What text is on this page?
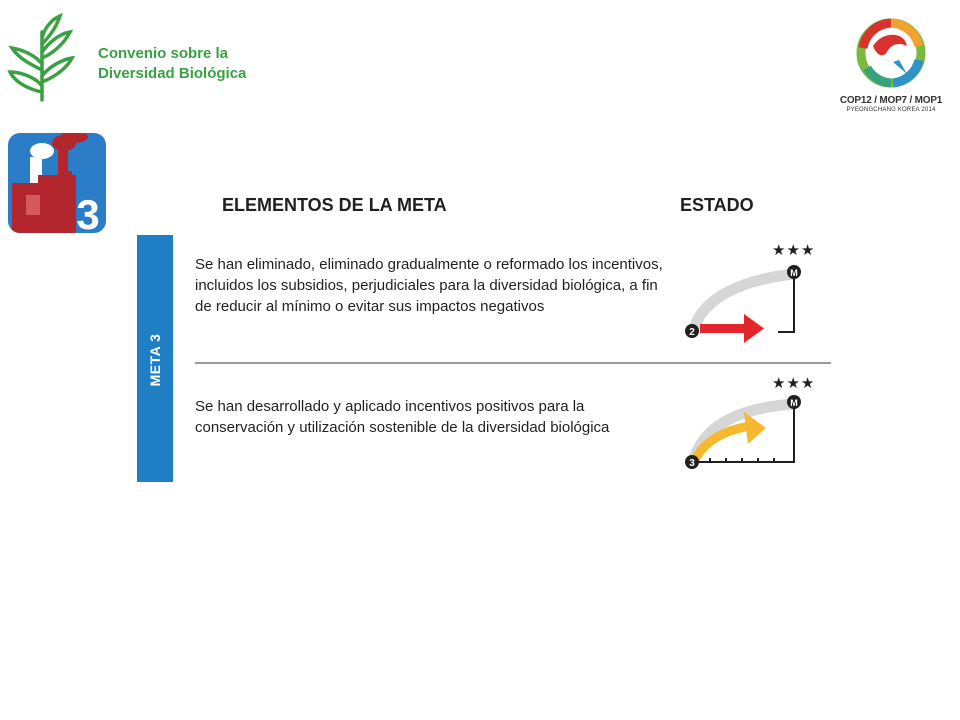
Convenio sobre la
Diversidad Biológica
COP12 / MOP7 / MOP1
PYEONGCHANG KOREA 2014
3	ELEMENTOS DE LA META	ESTADO
META 3
Se han eliminado, eliminado gradualmente o reformado los incentivos, incluidos los subsidios, perjudiciales para la diversidad biológica, a fin de reducir al mínimo o evitar sus impactos negativos
★★★
M
2
Se han desarrollado y aplicado incentivos positivos para la conservación y utilización sostenible de la diversidad biológica
★★★
M
3
